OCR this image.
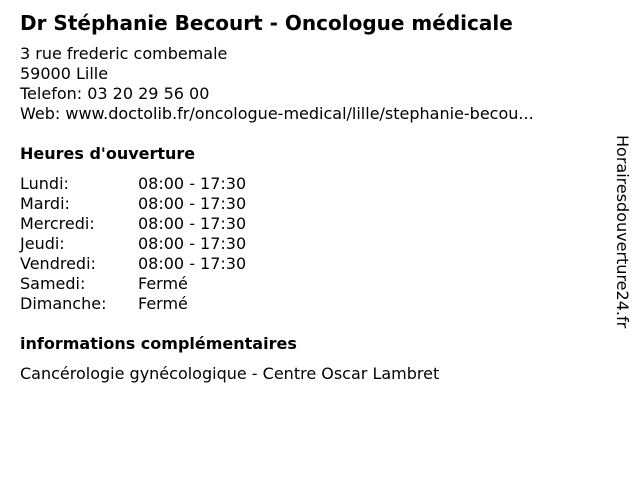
Dr Stéphanie Becourt - Oncologue médicale
3 rue frederic combemale
59000 Lille
Telefon: 03 20 29 56 00
Web: www.doctolib.fr/oncologue-medical/lille/stephanie-becou...
Heures d'ouverture
Lundi:	08:00 - 17:30
Mardi:	08:00 - 17:30
Mercredi:	08:00 - 17:30
Jeudi:	08:00 - 17:30
Vendredi:	08:00 - 17:30
Samedi:	Fermé
Dimanche: Fermé
informations complémentaires
Cancérologie gynécologique - Centre Oscar Lambret
Horairesdouverture24.fr
